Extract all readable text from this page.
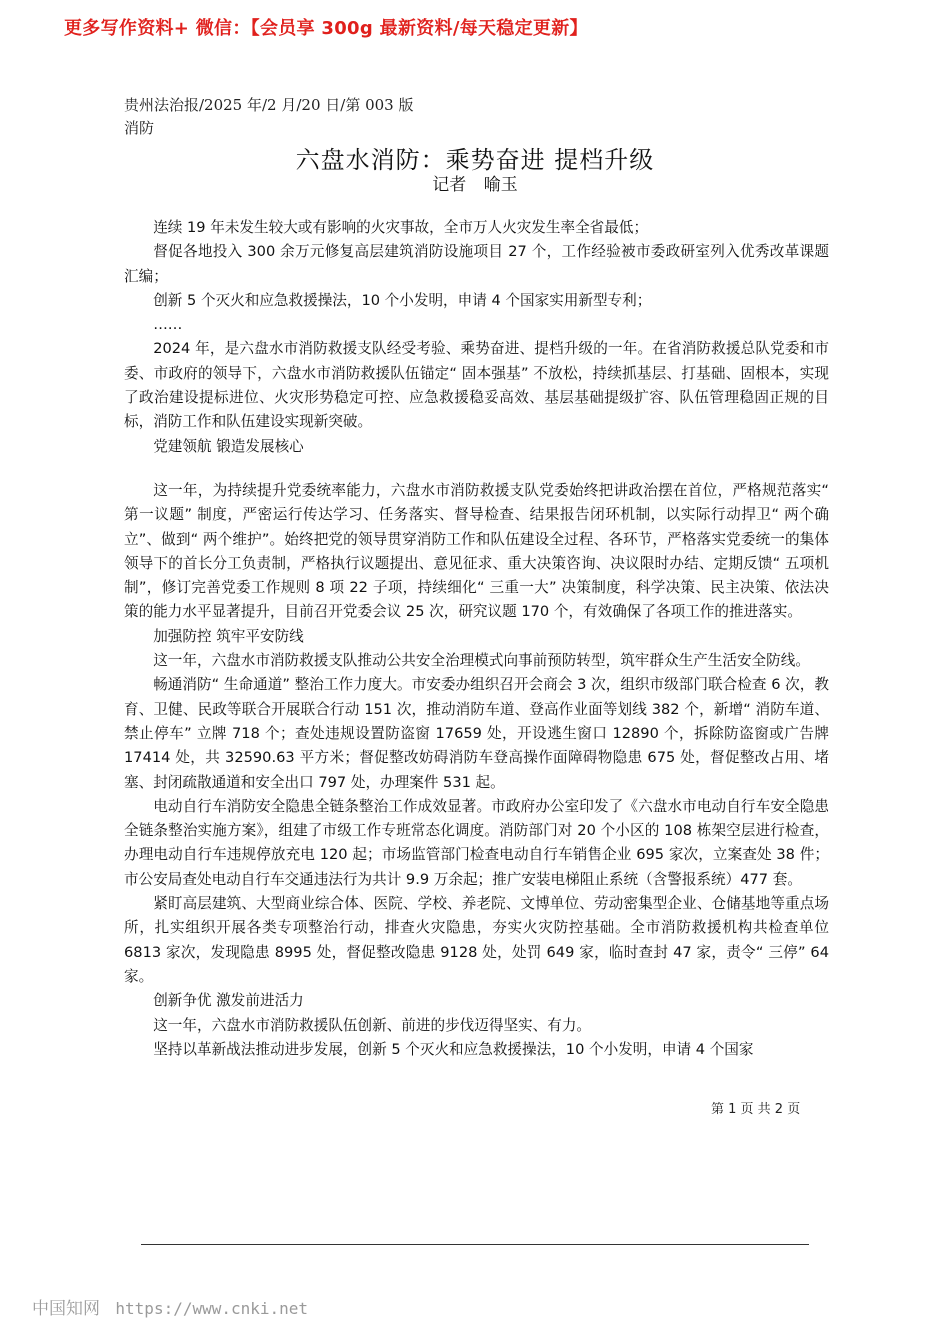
更多写作资料+ 微信：【会员享 300g 最新资料/每天稳定更新】
贵州法治报/2025 年/2 月/20 日/第 003 版消防
六盘水消防：乘势奋进 提档升级
记者 喻玉

连续 19 年未发生较大或有影响的火灾事故，全市万人火灾发生率全省最低；

督促各地投入 300 余万元修复高层建筑消防设施项目 27 个，工作经验被市委政研室列入优秀改革课题汇编；

创新 5 个灭火和应急救援操法，10 个小发明，申请 4 个国家实用新型专利；

……

2024 年，是六盘水市消防救援支队经受考验、乘势奋进、提档升级的一年。在省消防救援总队党委和市委、市政府的领导下，六盘水市消防救援队伍锚定“ 固本强基” 不放松，持续抓基层、打基础、固根本，实现了政治建设提标进位、火灾形势稳定可控、应急救援稳妥高效、基层基础提级扩容、队伍管理稳固正规的目标，消防工作和队伍建设实现新突破。

党建领航 锻造发展核心

这一年，为持续提升党委统率能力，六盘水市消防救援支队党委始终把讲政治摆在首位，严格规范落实“ 第一议题” 制度，严密运行传达学习、任务落实、督导检查、结果报告闭环机制，以实际行动捍卫“ 两个确立”、做到“ 两个维护”。始终把党的领导贯穿消防工作和队伍建设全过程、各环节，严格落实党委统一的集体领导下的首长分工负责制，严格执行议题提出、意见征求、重大决策咨询、决议限时办结、定期反馈“ 五项机制”，修订完善党委工作规则 8 项 22 子项，持续细化“ 三重一大” 决策制度，科学决策、民主决策、依法决策的能力水平显著提升，目前召开党委会议 25 次，研究议题 170 个，有效确保了各项工作的推进落实。

加强防控 筑牢平安防线

这一年，六盘水市消防救援支队推动公共安全治理模式向事前预防转型，筑牢群众生产生活安全防线。

畅通消防“ 生命通道” 整治工作力度大。市安委办组织召开会商会 3 次，组织市级部门联合检查 6 次，教育、卫健、民政等联合开展联合行动 151 次，推动消防车道、登高作业面等划线 382 个，新增“ 消防车道、禁止停车” 立牌 718 个；查处违规设置防盗窗 17659 处，开设逃生窗口 12890 个，拆除防盗窗或广告牌 17414 处，共 32590.63 平方米；督促整改妨碍消防车登高操作面障碍物隐患 675 处，督促整改占用、堵塞、封闭疏散通道和安全出口 797 处，办理案件 531 起。

电动自行车消防安全隐患全链条整治工作成效显著。市政府办公室印发了《六盘水市电动自行车安全隐患全链条整治实施方案》，组建了市级工作专班常态化调度。消防部门对 20 个小区的 108 栋架空层进行检查，办理电动自行车违规停放充电 120 起；市场监管部门检查电动自行车销售企业 695 家次，立案查处 38 件；市公安局查处电动自行车交通违法行为共计 9.9 万余起；推广安装电梯阻止系统（含警报系统）477 套。

紧盯高层建筑、大型商业综合体、医院、学校、养老院、文博单位、劳动密集型企业、仓储基地等重点场所，扎实组织开展各类专项整治行动，排查火灾隐患，夯实火灾防控基础。全市消防救援机构共检查单位 6813 家次，发现隐患 8995 处，督促整改隐患 9128 处，处罚 649 家，临时查封 47 家，责令“ 三停” 64 家。

创新争优 激发前进活力

这一年，六盘水市消防救援队伍创新、前进的步伐迈得坚实、有力。

坚持以革新战法推动进步发展，创新 5 个灭火和应急救援操法，10 个小发明，申请 4 个国家

第 1 页 共 2 页
中国知网 https://www.cnki.net
